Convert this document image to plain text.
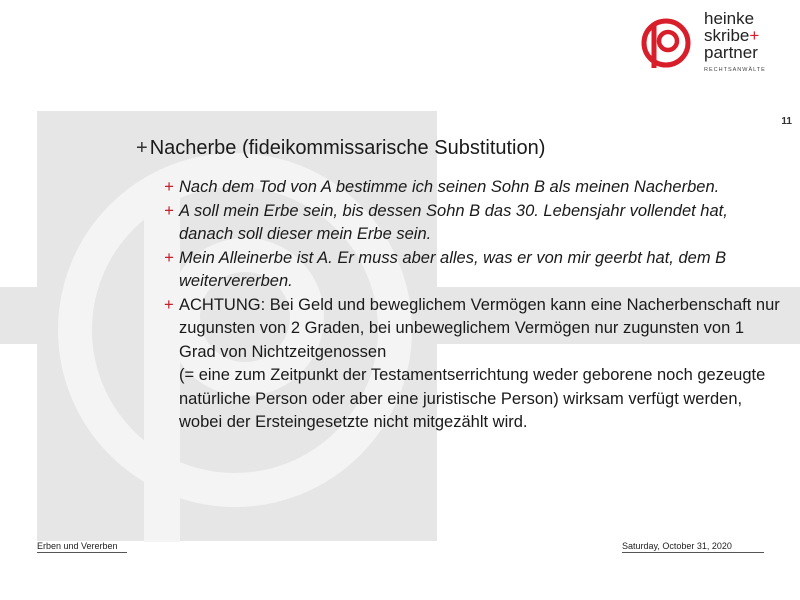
heinke
skribe+
partner
RECHTSANWÄLTE
11
+ Nacherbe (fideikommissarische Substitution)
+ Nach dem Tod von A bestimme ich seinen Sohn B als meinen Nacherben.
+ A soll mein Erbe sein, bis dessen Sohn B das 30. Lebensjahr vollendet hat, danach soll dieser mein Erbe sein.
+ Mein Alleinerbe ist A. Er muss aber alles, was er von mir geerbt hat, dem B weitervererben.
+ ACHTUNG: Bei Geld und beweglichem Vermögen kann eine Nacherbenschaft nur zugunsten von 2 Graden, bei unbeweglichem Vermögen nur zugunsten von 1 Grad von Nichtzeitgenossen
(= eine zum Zeitpunkt der Testamentserrichtung weder geborene noch gezeugte natürliche Person oder aber eine juristische Person) wirksam verfügt werden, wobei der Ersteingesetzte nicht mitgezählt wird.
Erben und Vererben	Saturday, October 31, 2020
